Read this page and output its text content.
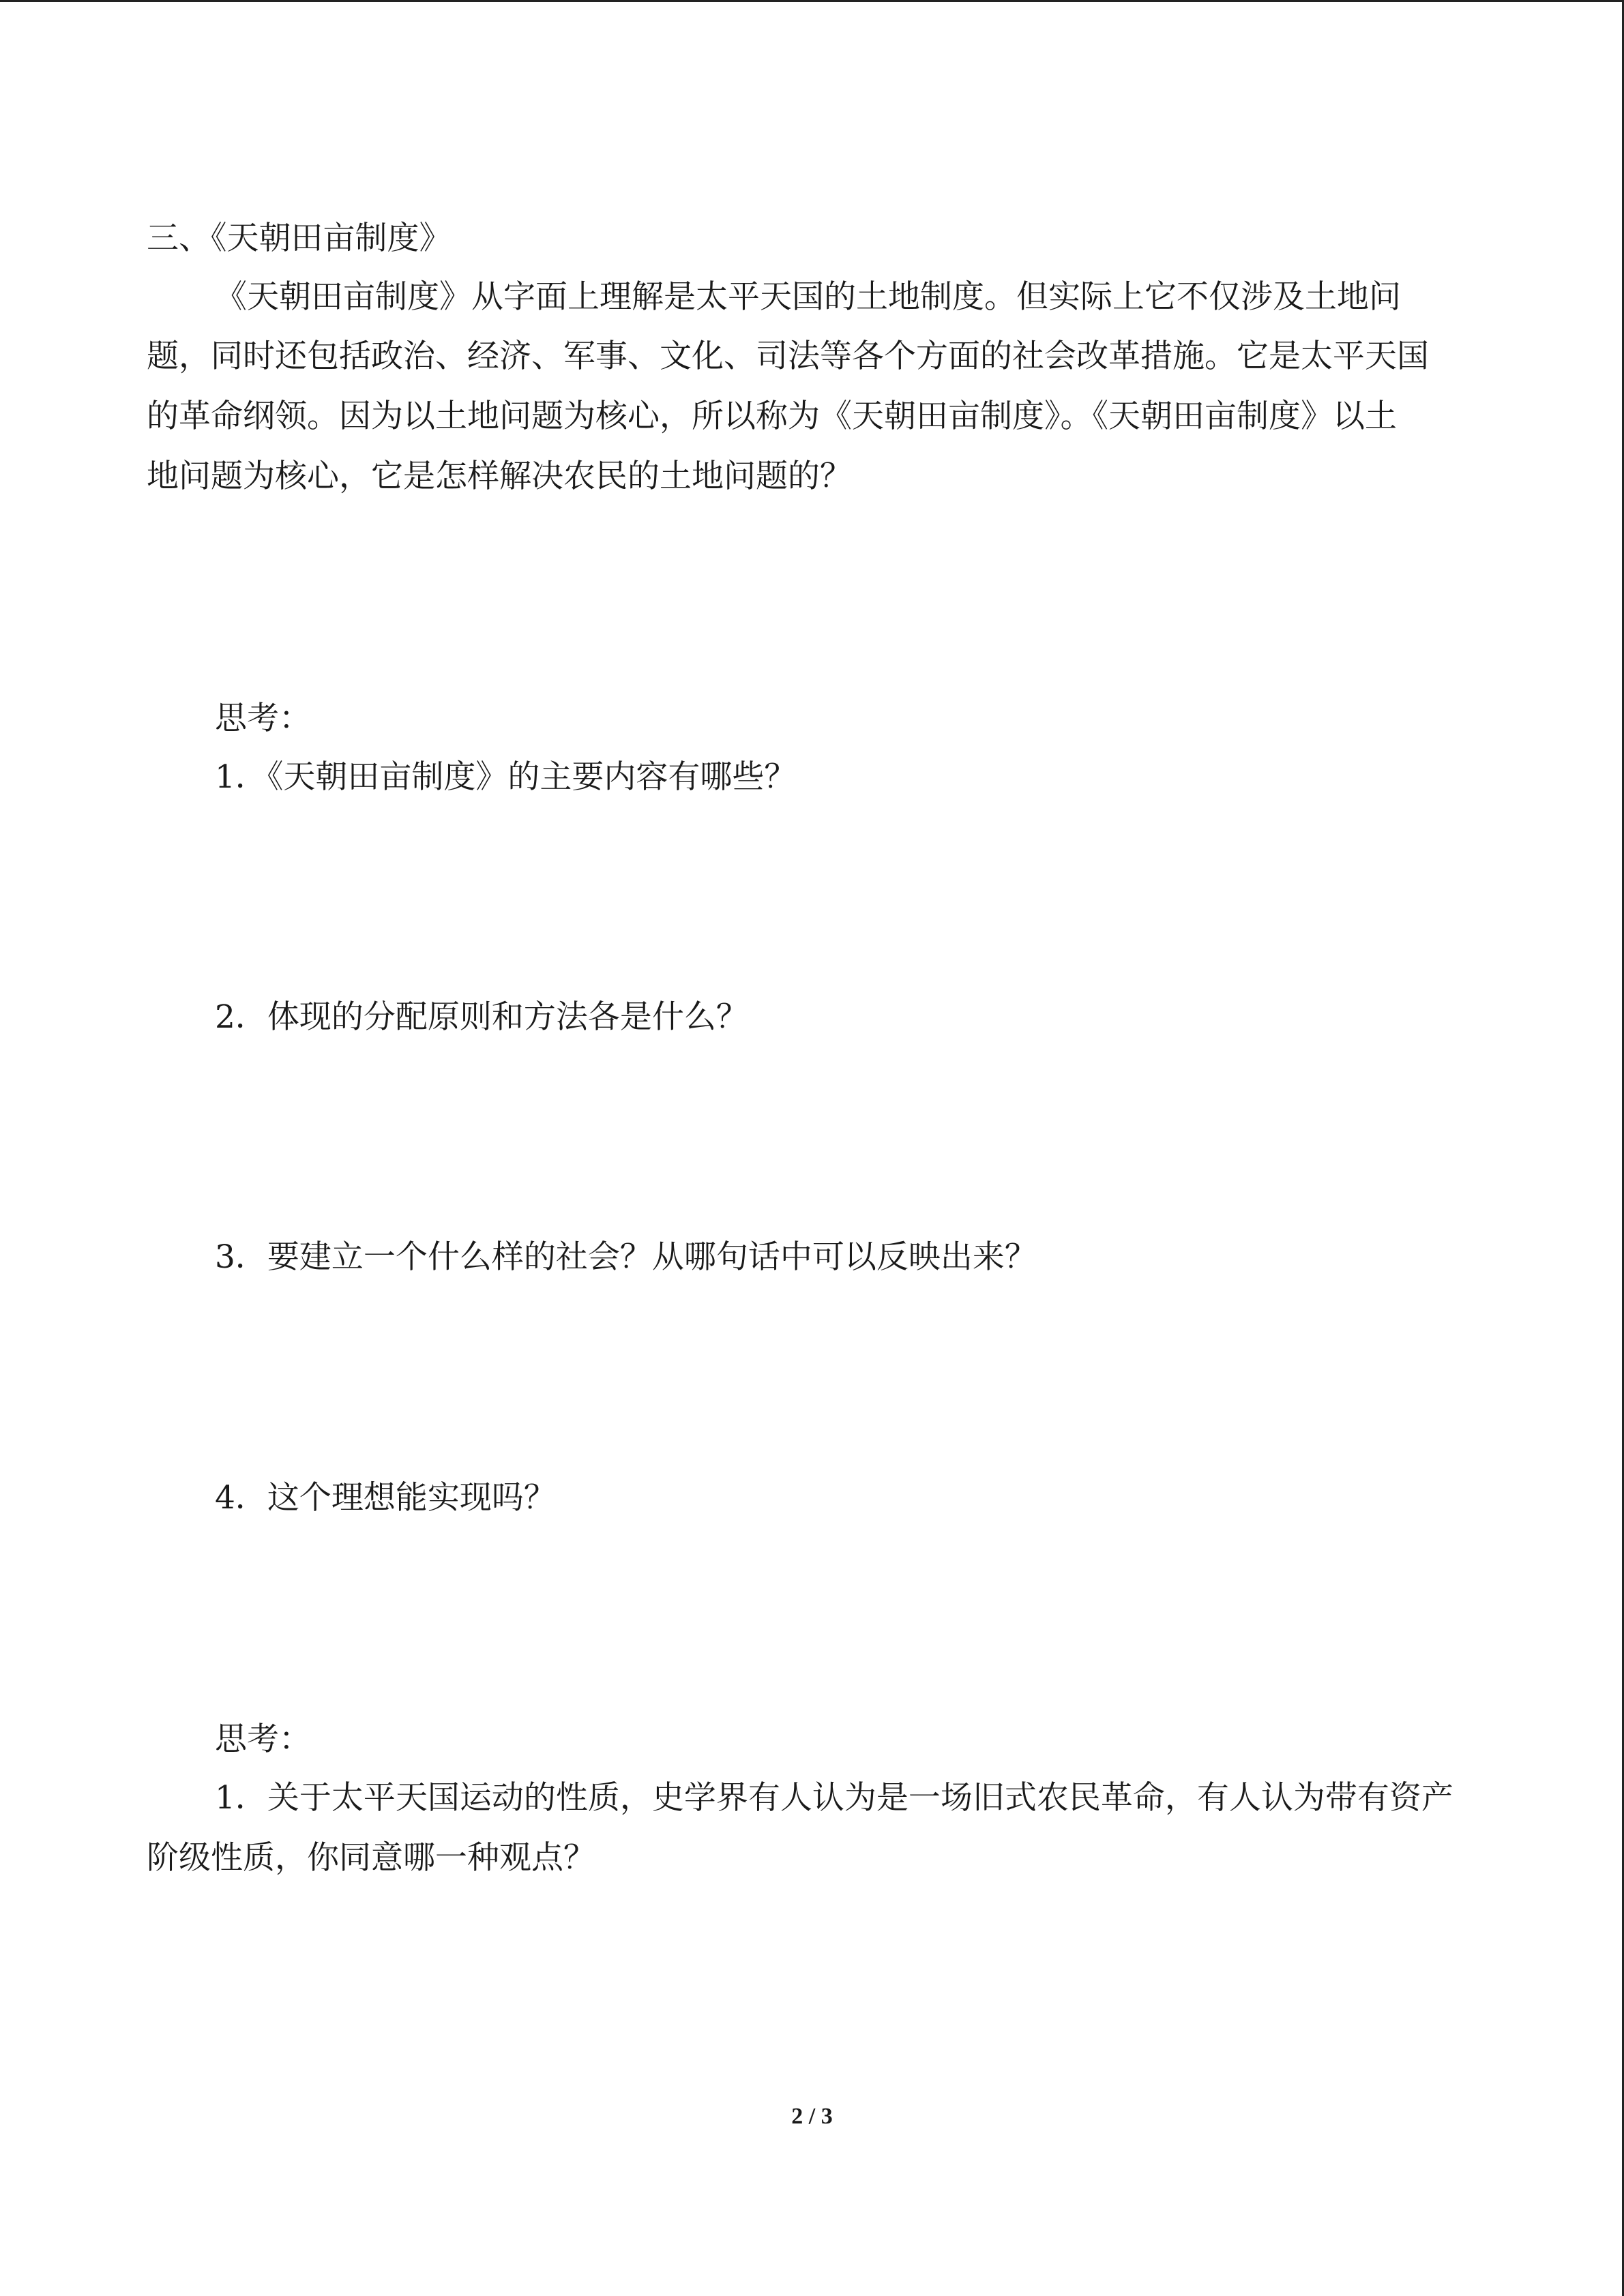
三、《天朝田亩制度》
《天朝田亩制度》从字面上理解是太平天国的土地制度。但实际上它不仅涉及土地问
题，同时还包括政治、经济、军事、文化、司法等各个方面的社会改革措施。它是太平天国
的革命纲领。因为以土地问题为核心，所以称为《天朝田亩制度》。《天朝田亩制度》以土
地问题为核心，它是怎样解决农民的土地问题的？
思考：
1．《天朝田亩制度》的主要内容有哪些？
2．体现的分配原则和方法各是什么？
3．要建立一个什么样的社会？从哪句话中可以反映出来？
4．这个理想能实现吗？
思考：
1．关于太平天国运动的性质，史学界有人认为是一场旧式农民革命，有人认为带有资产
阶级性质，你同意哪一种观点？
2 / 3
